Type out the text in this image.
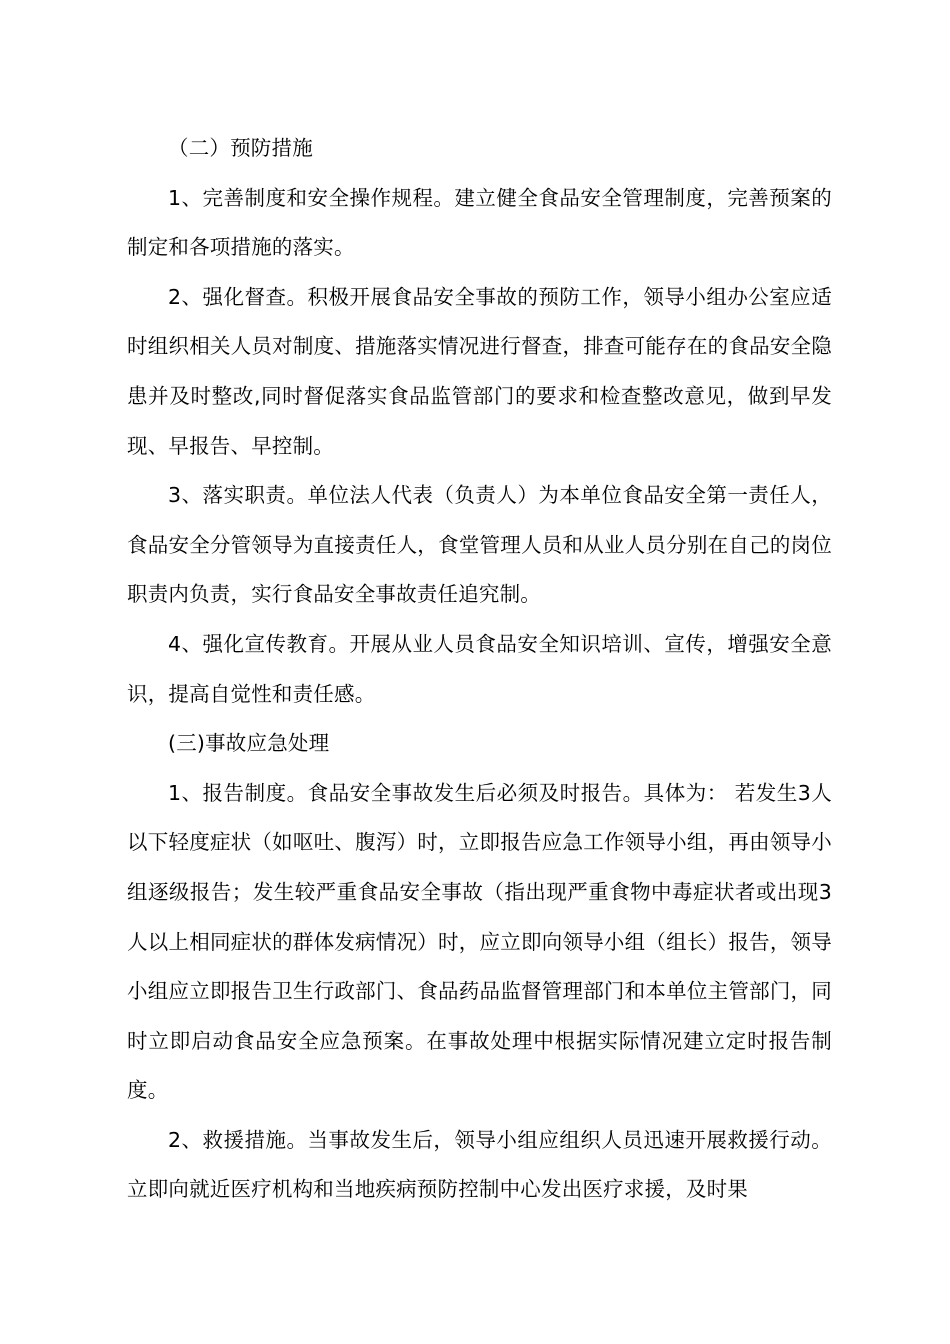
（二）预防措施

1、完善制度和安全操作规程。建立健全食品安全管理制度，完善预案的制定和各项措施的落实。

2、强化督查。积极开展食品安全事故的预防工作，领导小组办公室应适时组织相关人员对制度、措施落实情况进行督查，排查可能存在的食品安全隐患并及时整改,同时督促落实食品监管部门的要求和检查整改意见，做到早发现、早报告、早控制。

3、落实职责。单位法人代表（负责人）为本单位食品安全第一责任人，食品安全分管领导为直接责任人，食堂管理人员和从业人员分别在自己的岗位职责内负责，实行食品安全事故责任追究制。

4、强化宣传教育。开展从业人员食品安全知识培训、宣传，增强安全意识，提高自觉性和责任感。

(三)事故应急处理

1、报告制度。食品安全事故发生后必须及时报告。具体为： 若发生3人以下轻度症状（如呕吐、腹泻）时，立即报告应急工作领导小组，再由领导小组逐级报告；发生较严重食品安全事故（指出现严重食物中毒症状者或出现3人以上相同症状的群体发病情况）时，应立即向领导小组（组长）报告，领导小组应立即报告卫生行政部门、食品药品监督管理部门和本单位主管部门，同时立即启动食品安全应急预案。在事故处理中根据实际情况建立定时报告制度。

2、救援措施。当事故发生后，领导小组应组织人员迅速开展救援行动。立即向就近医疗机构和当地疾病预防控制中心发出医疗求援，及时果
